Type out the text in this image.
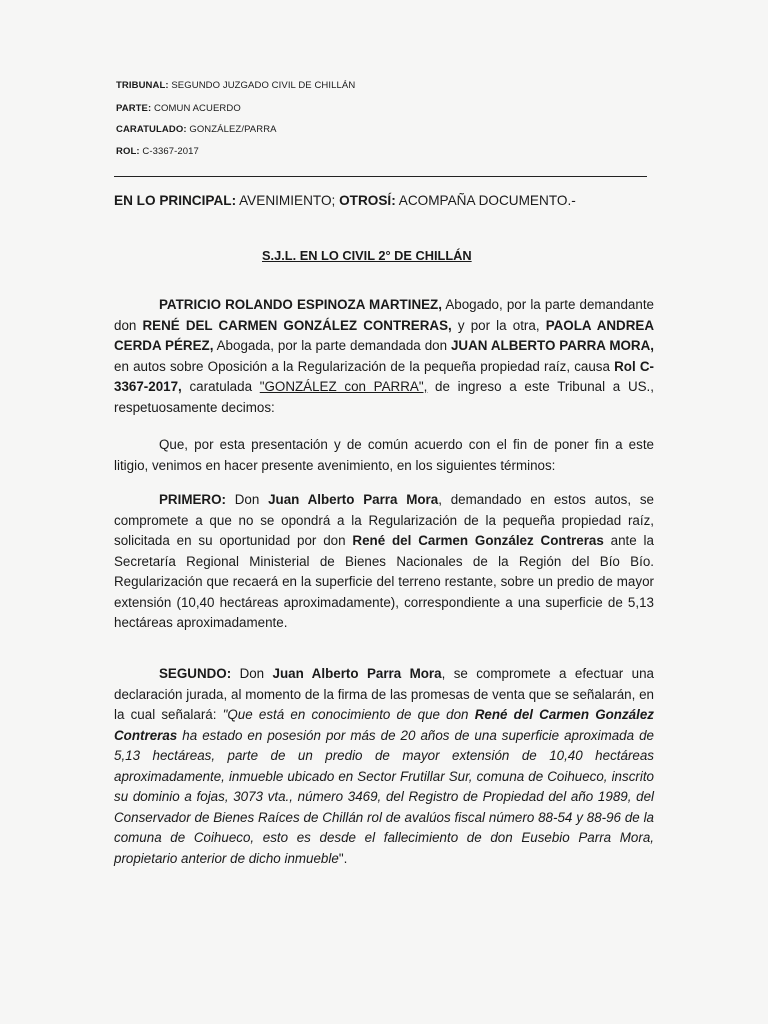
TRIBUNAL: SEGUNDO JUZGADO CIVIL DE CHILLÁN
PARTE: COMUN ACUERDO
CARATULADO: GONZÁLEZ/PARRA
ROL: C-3367-2017
EN LO PRINCIPAL: AVENIMIENTO; OTROSÍ: ACOMPAÑA DOCUMENTO.-
S.J.L. EN LO CIVIL 2° DE CHILLÁN
PATRICIO ROLANDO ESPINOZA MARTINEZ, Abogado, por la parte demandante don RENÉ DEL CARMEN GONZÁLEZ CONTRERAS, y por la otra, PAOLA ANDREA CERDA PÉREZ, Abogada, por la parte demandada don JUAN ALBERTO PARRA MORA, en autos sobre Oposición a la Regularización de la pequeña propiedad raíz, causa Rol C-3367-2017, caratulada "GONZÁLEZ con PARRA", de ingreso a este Tribunal a US., respetuosamente decimos:
Que, por esta presentación y de común acuerdo con el fin de poner fin a este litigio, venimos en hacer presente avenimiento, en los siguientes términos:
PRIMERO: Don Juan Alberto Parra Mora, demandado en estos autos, se compromete a que no se opondrá a la Regularización de la pequeña propiedad raíz, solicitada en su oportunidad por don René del Carmen González Contreras ante la Secretaría Regional Ministerial de Bienes Nacionales de la Región del Bío Bío. Regularización que recaerá en la superficie del terreno restante, sobre un predio de mayor extensión (10,40 hectáreas aproximadamente), correspondiente a una superficie de 5,13 hectáreas aproximadamente.
SEGUNDO: Don Juan Alberto Parra Mora, se compromete a efectuar una declaración jurada, al momento de la firma de las promesas de venta que se señalarán, en la cual señalará: "Que está en conocimiento de que don René del Carmen González Contreras ha estado en posesión por más de 20 años de una superficie aproximada de 5,13 hectáreas, parte de un predio de mayor extensión de 10,40 hectáreas aproximadamente, inmueble ubicado en Sector Frutillar Sur, comuna de Coihueco, inscrito su dominio a fojas, 3073 vta., número 3469, del Registro de Propiedad del año 1989, del Conservador de Bienes Raíces de Chillán rol de avalúos fiscal número 88-54 y 88-96 de la comuna de Coihueco, esto es desde el fallecimiento de don Eusebio Parra Mora, propietario anterior de dicho inmueble".
